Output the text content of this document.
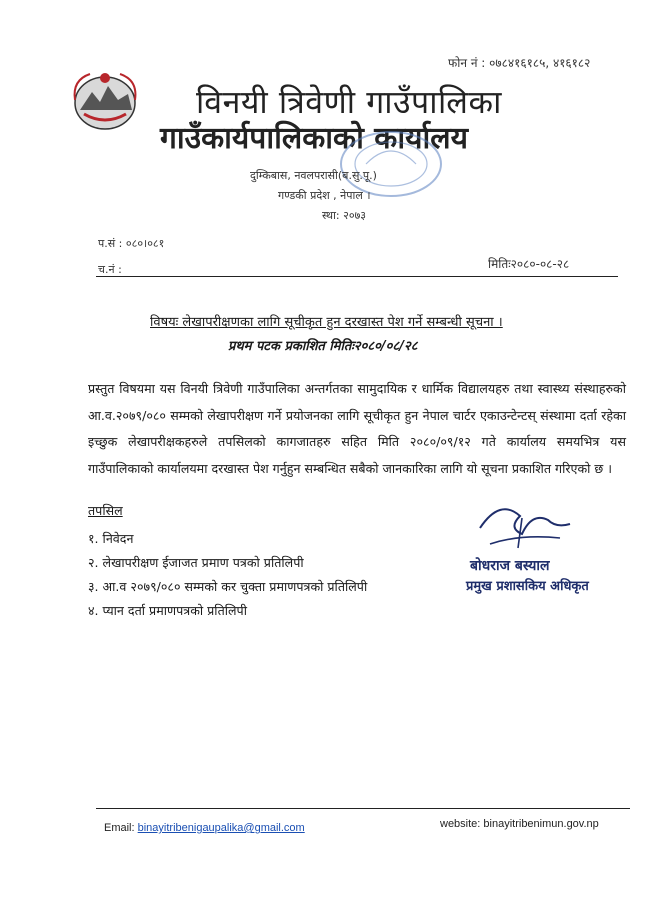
फोन नं : ०७८४१६१८५, ४१६१८२
विनयी त्रिवेणी गाउँपालिका
गाउँकार्यपालिकाको कार्यालय
दुम्किबास, नवलपरासी(ब.सु.पू.)
गण्डकी प्रदेश , नेपाल ।
स्था: २०७३
प.सं : ०८०।०८१
च.नं :	मितिः२०८०-०८-२८
विषयः लेखापरीक्षणका लागि सूचीकृत हुन दरखास्त पेश गर्ने सम्बन्धी सूचना ।
प्रथम पटक प्रकाशित मितिः२०८०/०८/२८
प्रस्तुत विषयमा यस विनयी त्रिवेणी गाउँपालिका अन्तर्गतका सामुदायिक र धार्मिक विद्यालयहरु तथा स्वास्थ्य संस्थाहरुको आ.व.२०७९/०८० सम्मको लेखापरीक्षण गर्ने प्रयोजनका लागि सूचीकृत हुन नेपाल चार्टर एकाउन्टेन्टस् संस्थामा दर्ता रहेका इच्छुक लेखापरीक्षकहरुले तपसिलको कागजातहरु सहित मिति २०८०/०९/१२ गते कार्यालय समयभित्र यस गाउँपालिकाको कार्यालयमा दरखास्त पेश गर्नुहुन सम्बन्धित सबैको जानकारिका लागि यो सूचना प्रकाशित गरिएको छ ।
तपसिल
१. निवेदन
२. लेखापरीक्षण ईजाजत प्रमाण पत्रको प्रतिलिपी
३. आ.व २०७९/०८० सम्मको कर चुक्ता प्रमाणपत्रको प्रतिलिपी
४. प्यान दर्ता प्रमाणपत्रको प्रतिलिपी
बोधराज बस्याल
प्रमुख प्रशासकिय अधिकृत
Email: binayitribenigaupalika@gmail.com	website: binayitribenimun.gov.np
